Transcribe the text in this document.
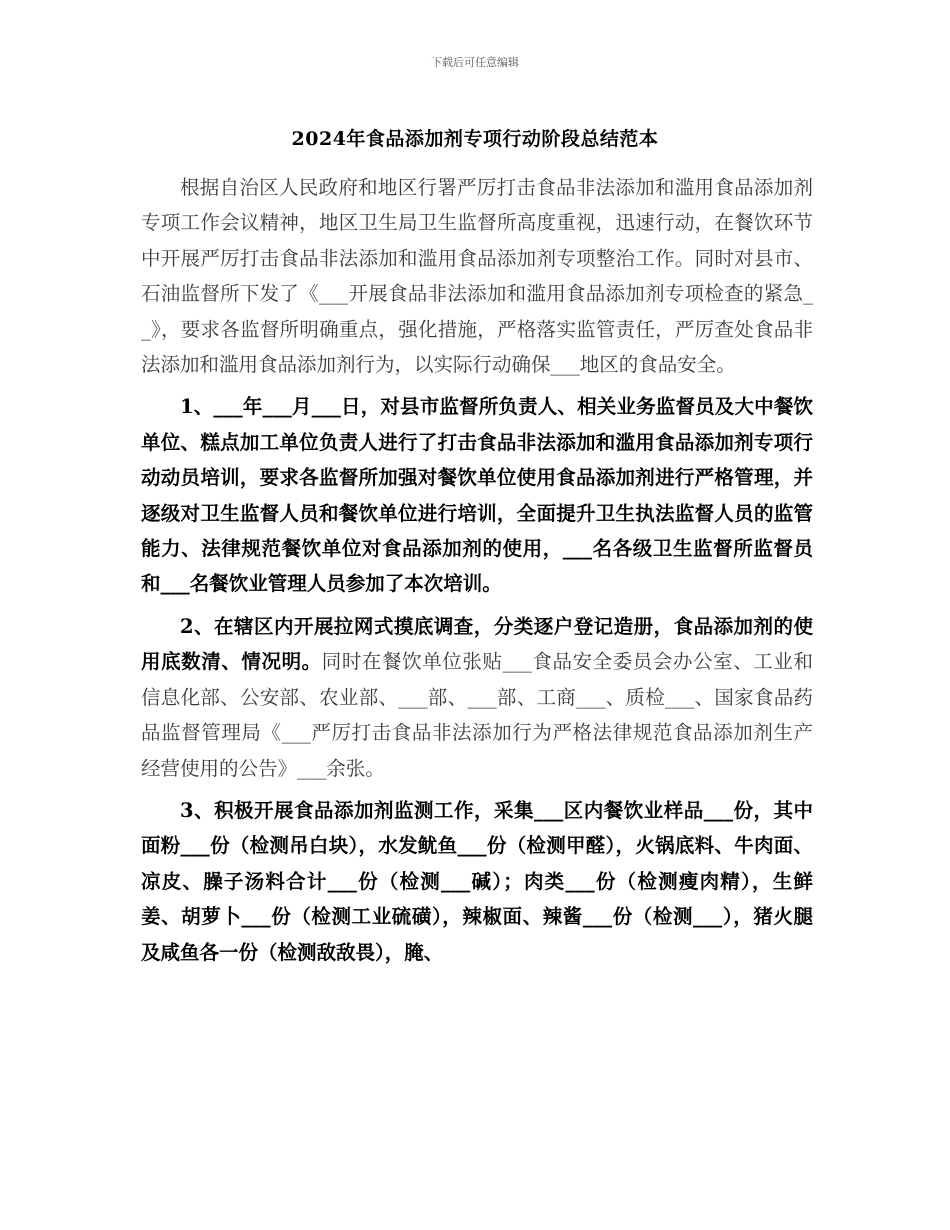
下载后可任意编辑
2024年食品添加剂专项行动阶段总结范本

根据自治区人民政府和地区行署严厉打击食品非法添加和滥用食品添加剂专项工作会议精神，地区卫生局卫生监督所高度重视，迅速行动，在餐饮环节中开展严厉打击食品非法添加和滥用食品添加剂专项整治工作。同时对县市、石油监督所下发了《___开展食品非法添加和滥用食品添加剂专项检查的紧急__》，要求各监督所明确重点，强化措施，严格落实监管责任，严厉查处食品非法添加和滥用食品添加剂行为，以实际行动确保___地区的食品安全。

1、___年___月___日，对县市监督所负责人、相关业务监督员及大中餐饮单位、糕点加工单位负责人进行了打击食品非法添加和滥用食品添加剂专项行动动员培训，要求各监督所加强对餐饮单位使用食品添加剂进行严格管理，并逐级对卫生监督人员和餐饮单位进行培训，全面提升卫生执法监督人员的监管能力、法律规范餐饮单位对食品添加剂的使用，___名各级卫生监督所监督员和___名餐饮业管理人员参加了本次培训。

2、在辖区内开展拉网式摸底调查，分类逐户登记造册，食品添加剂的使用底数清、情况明。同时在餐饮单位张贴___食品安全委员会办公室、工业和信息化部、公安部、农业部、___部、___部、工商___、质检___、国家食品药品监督管理局《___严厉打击食品非法添加行为严格法律规范食品添加剂生产经营使用的公告》___余张。

3、积极开展食品添加剂监测工作，采集___区内餐饮业样品___份，其中面粉___份（检测吊白块），水发鱿鱼___份（检测甲醛），火锅底料、牛肉面、凉皮、臊子汤料合计___份（检测___碱）；肉类___份（检测瘦肉精），生鲜姜、胡萝卜___份（检测工业硫磺），辣椒面、辣酱___份（检测___），猪火腿及咸鱼各一份（检测敌敌畏），腌、
